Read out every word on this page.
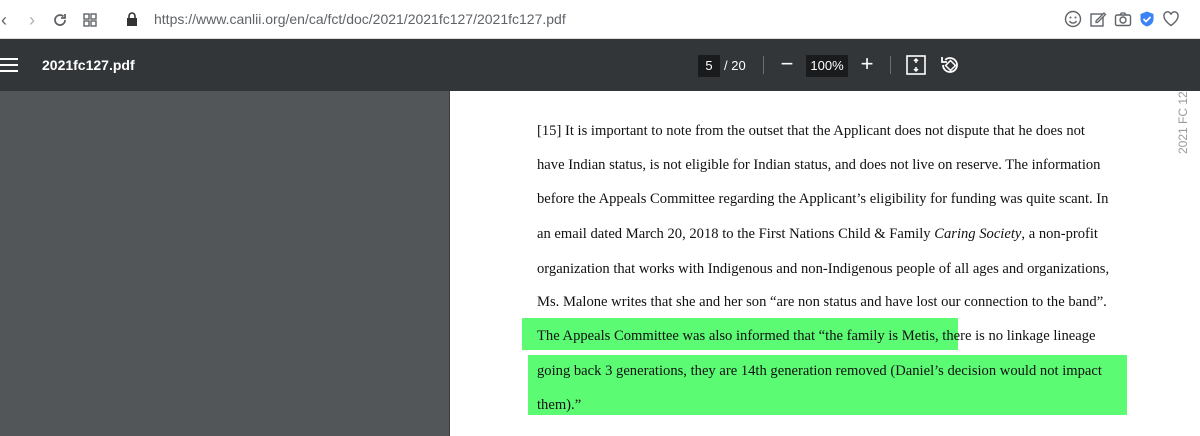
‹	›	https://www.canlii.org/en/ca/fct/doc/2021/2021fc127/2021fc127.pdf
2021fc127.pdf	5 / 20 −	100% +
2021 FC 12
[15] It is important to note from the outset that the Applicant does not dispute that he does not
have Indian status, is not eligible for Indian status, and does not live on reserve. The information
before the Appeals Committee regarding the Applicant’s eligibility for funding was quite scant. In
an email dated March 20, 2018 to the First Nations Child & Family Caring Society, a non-profit
organization that works with Indigenous and non-Indigenous people of all ages and organizations,
Ms. Malone writes that she and her son “are non status and have lost our connection to the band”.
The Appeals Committee was also informed that “the family is Metis, there is no linkage lineage
going back 3 generations, they are 14th generation removed (Daniel’s decision would not impact
them).”
